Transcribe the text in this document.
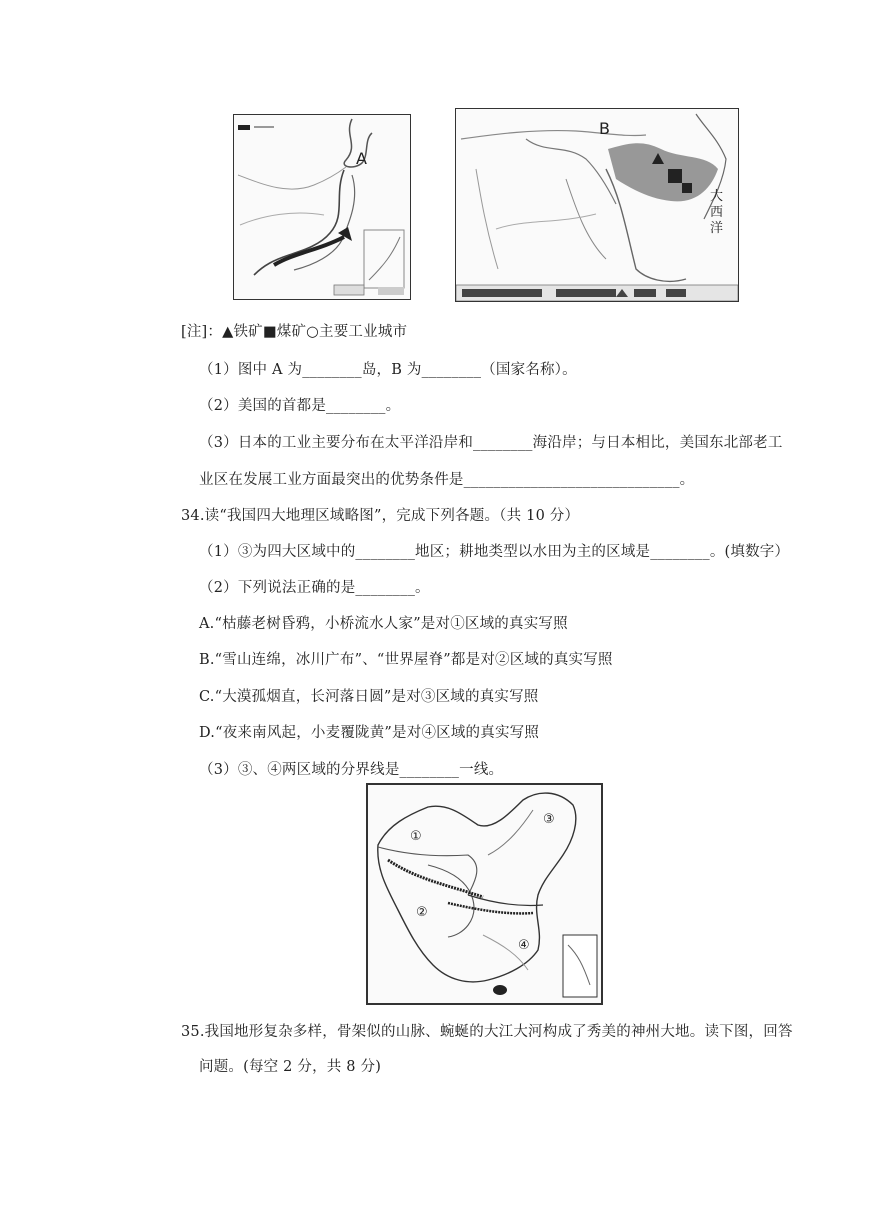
A
B
大西洋
[注]：▲铁矿■煤矿○主要工业城市
（1）图中 A 为________岛，B 为________（国家名称）。
（2）美国的首都是________。
（3）日本的工业主要分布在太平洋沿岸和________海沿岸；与日本相比，美国东北部老工
业区在发展工业方面最突出的优势条件是_____________________________。
34.读“我国四大地理区域略图”，完成下列各题。（共 10 分）
（1）③为四大区域中的________地区；耕地类型以水田为主的区域是________。(填数字）
（2）下列说法正确的是________。
A.“枯藤老树昏鸦，小桥流水人家”是对①区域的真实写照
B.“雪山连绵，冰川广布”、“世界屋脊”都是对②区域的真实写照
C.“大漠孤烟直，长河落日圆”是对③区域的真实写照
D.“夜来南风起，小麦覆陇黄”是对④区域的真实写照
（3）③、④两区域的分界线是________一线。
①
②
③
④
35.我国地形复杂多样，骨架似的山脉、蜿蜒的大江大河构成了秀美的神州大地。读下图，回答
问题。(每空 2 分，共 8 分)
